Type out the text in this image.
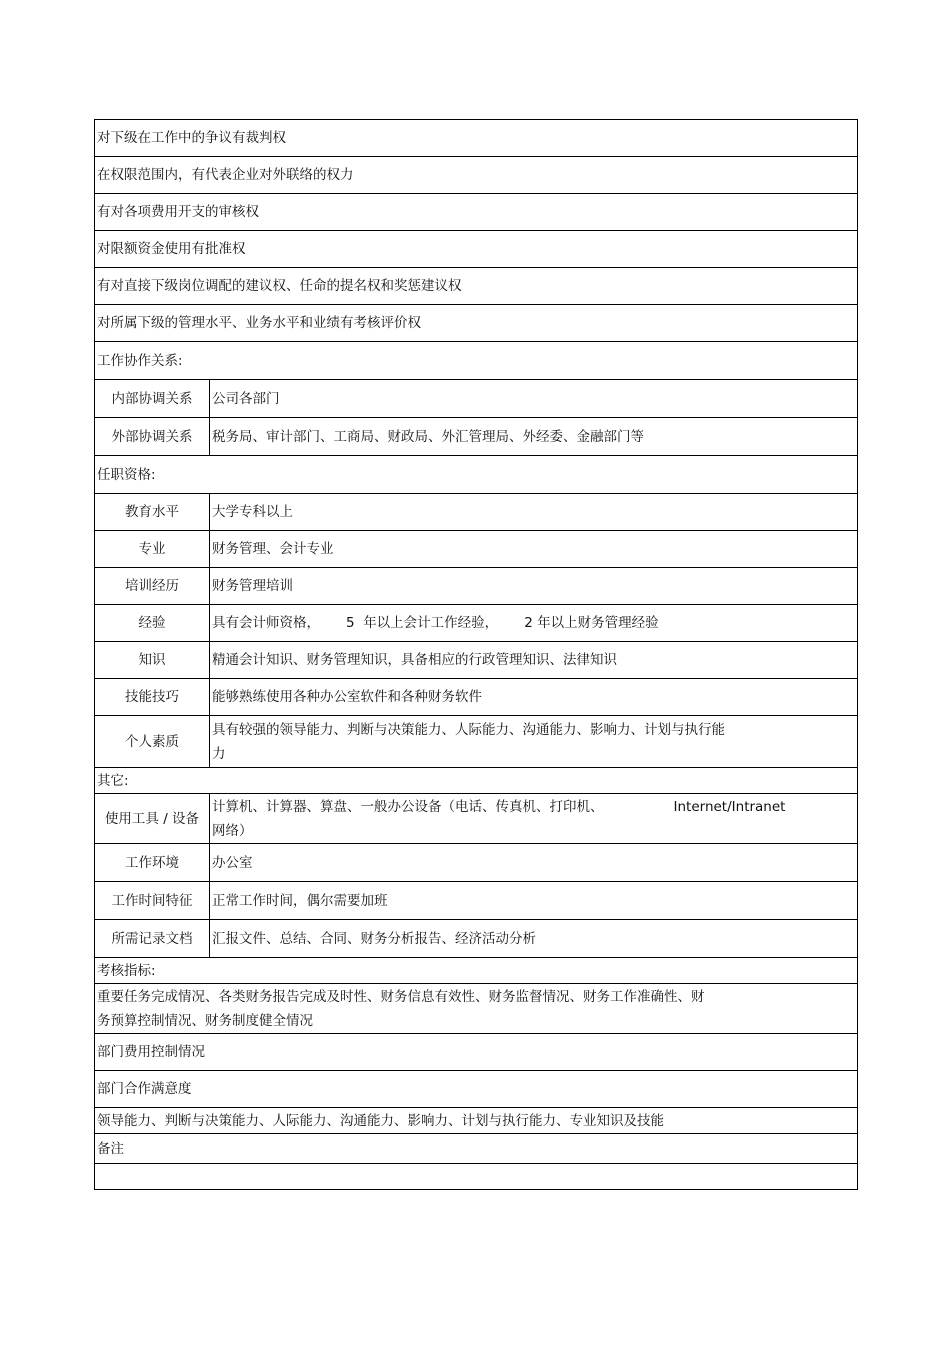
对下级在工作中的争议有裁判权	
在权限范围内，有代表企业对外联络的权力	
有对各项费用开支的审核权	
对限额资金使用有批准权	
有对直接下级岗位调配的建议权、任命的提名权和奖惩建议权	
对所属下级的管理水平、业务水平和业绩有考核评价权	
工作协作关系:	
内部协调关系	公司各部门
外部协调关系	税务局、审计部门、工商局、财政局、外汇管理局、外经委、金融部门等
任职资格:	
教育水平	大学专科以上
专业	财务管理、会计专业
培训经历	财务管理培训
经验	具有会计师资格， 5 年以上会计工作经验， 2 年以上财务管理经验
知识	精通会计知识、财务管理知识，具备相应的行政管理知识、法律知识
技能技巧	能够熟练使用各种办公室软件和各种财务软件
个人素质	具有较强的领导能力、判断与决策能力、人际能力、沟通能力、影响力、计划与执行能
力

其它:	
使用工具 / 设备	计算机、计算器、算盘、一般办公设备（电话、传真机、打印机、 Internet/Intranet
网络）

工作环境	办公室
工作时间特征	正常工作时间，偶尔需要加班
所需记录文档	汇报文件、总结、合同、财务分析报告、经济活动分析
考核指标:	

重要任务完成情况、各类财务报告完成及时性、财务信息有效性、财务监督情况、财务工作准确性、财
务预算控制情况、财务制度健全情况	

部门费用控制情况	
部门合作满意度	
领导能力、判断与决策能力、人际能力、沟通能力、影响力、计划与执行能力、专业知识及技能	
备注	
